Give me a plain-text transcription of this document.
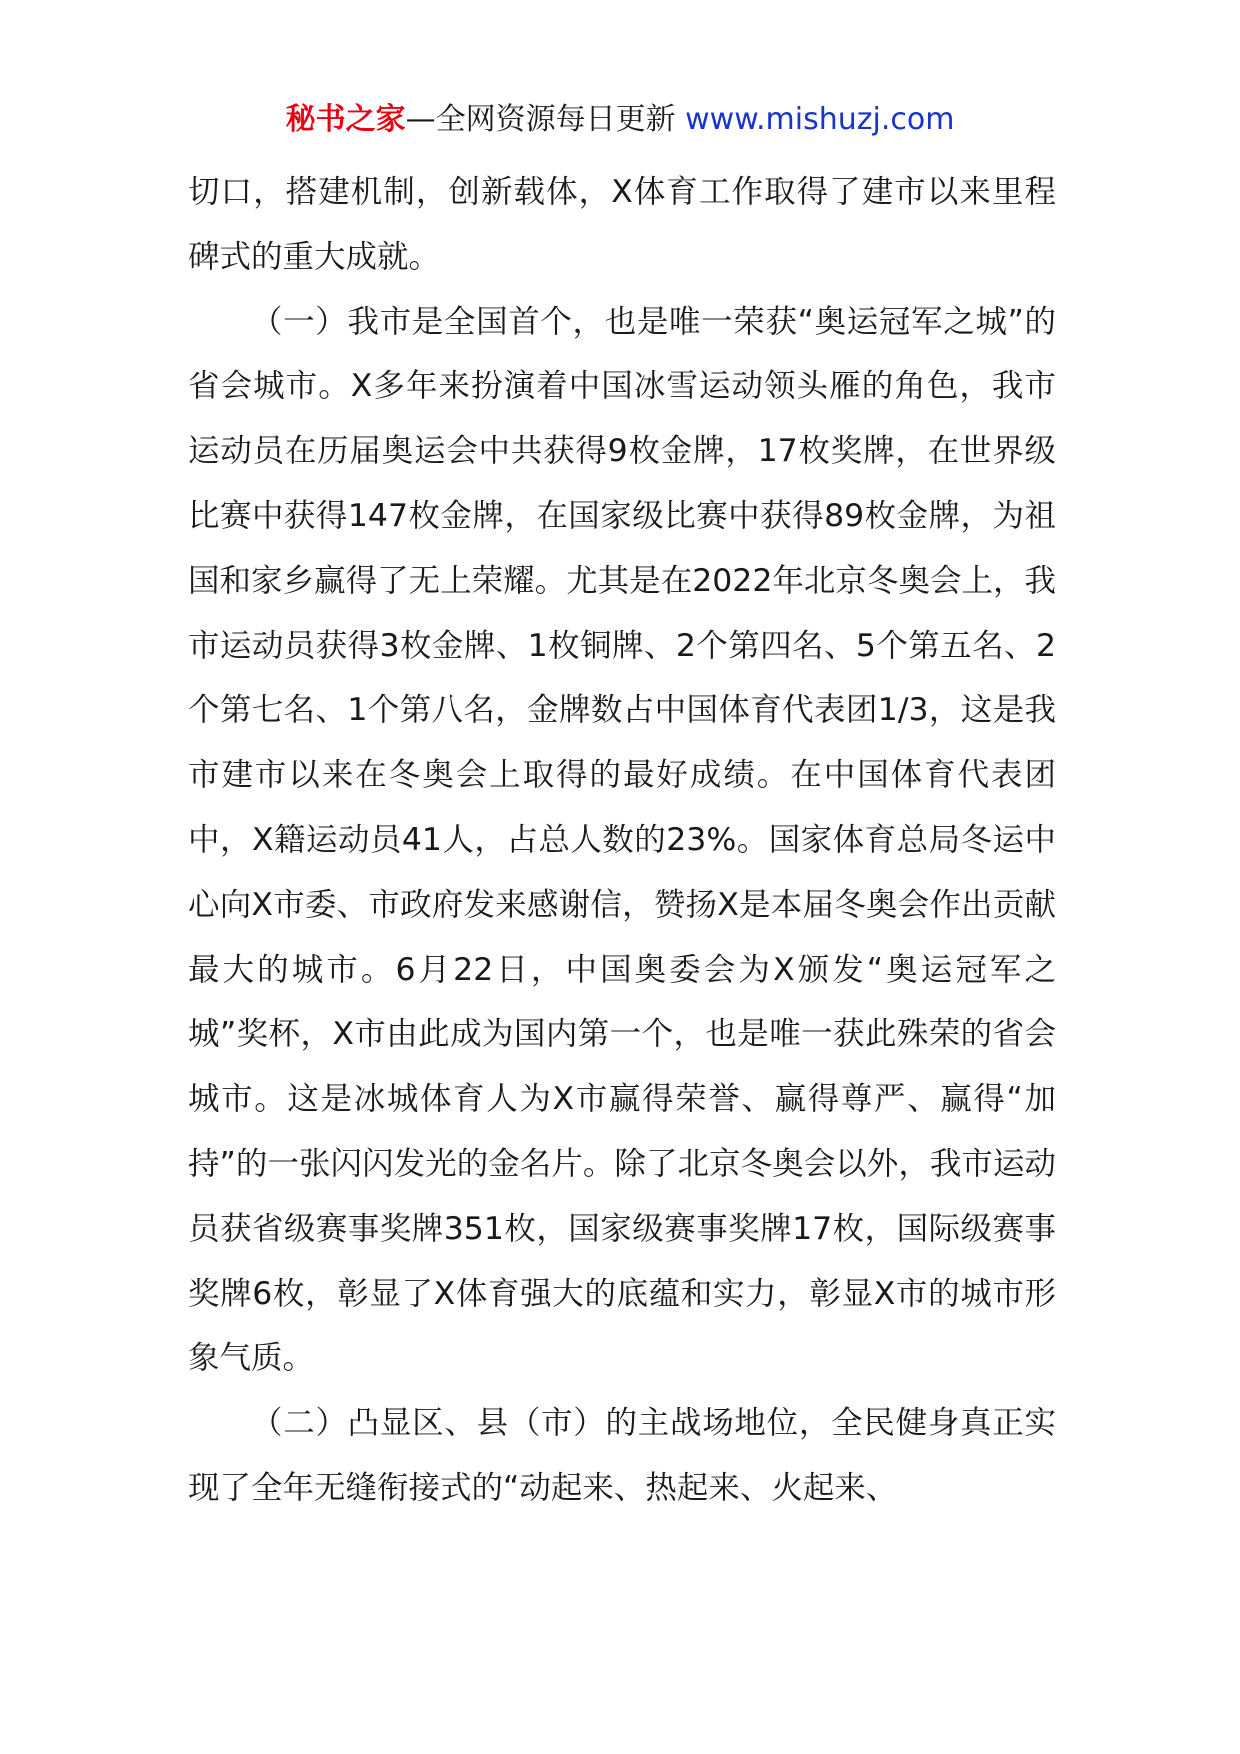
秘书之家—全网资源每日更新 www.mishuzj.com

切口，搭建机制，创新载体，X体育工作取得了建市以来里程碑式的重大成就。

（一）我市是全国首个，也是唯一荣获“奥运冠军之城”的省会城市。X多年来扮演着中国冰雪运动领头雁的角色，我市运动员在历届奥运会中共获得9枚金牌，17枚奖牌，在世界级比赛中获得147枚金牌，在国家级比赛中获得89枚金牌，为祖国和家乡赢得了无上荣耀。尤其是在2022年北京冬奥会上，我市运动员获得3枚金牌、1枚铜牌、2个第四名、5个第五名、2个第七名、1个第八名，金牌数占中国体育代表团1/3，这是我市建市以来在冬奥会上取得的最好成绩。在中国体育代表团中，X籍运动员41人，占总人数的23%。国家体育总局冬运中心向X市委、市政府发来感谢信，赞扬X是本届冬奥会作出贡献最大的城市。6月22日，中国奥委会为X颁发“奥运冠军之城”奖杯，X市由此成为国内第一个，也是唯一获此殊荣的省会城市。这是冰城体育人为X市赢得荣誉、赢得尊严、赢得“加持”的一张闪闪发光的金名片。除了北京冬奥会以外，我市运动员获省级赛事奖牌351枚，国家级赛事奖牌17枚，国际级赛事奖牌6枚，彰显了X体育强大的底蕴和实力，彰显X市的城市形象气质。

（二）凸显区、县（市）的主战场地位，全民健身真正实现了全年无缝衔接式的“动起来、热起来、火起来、
